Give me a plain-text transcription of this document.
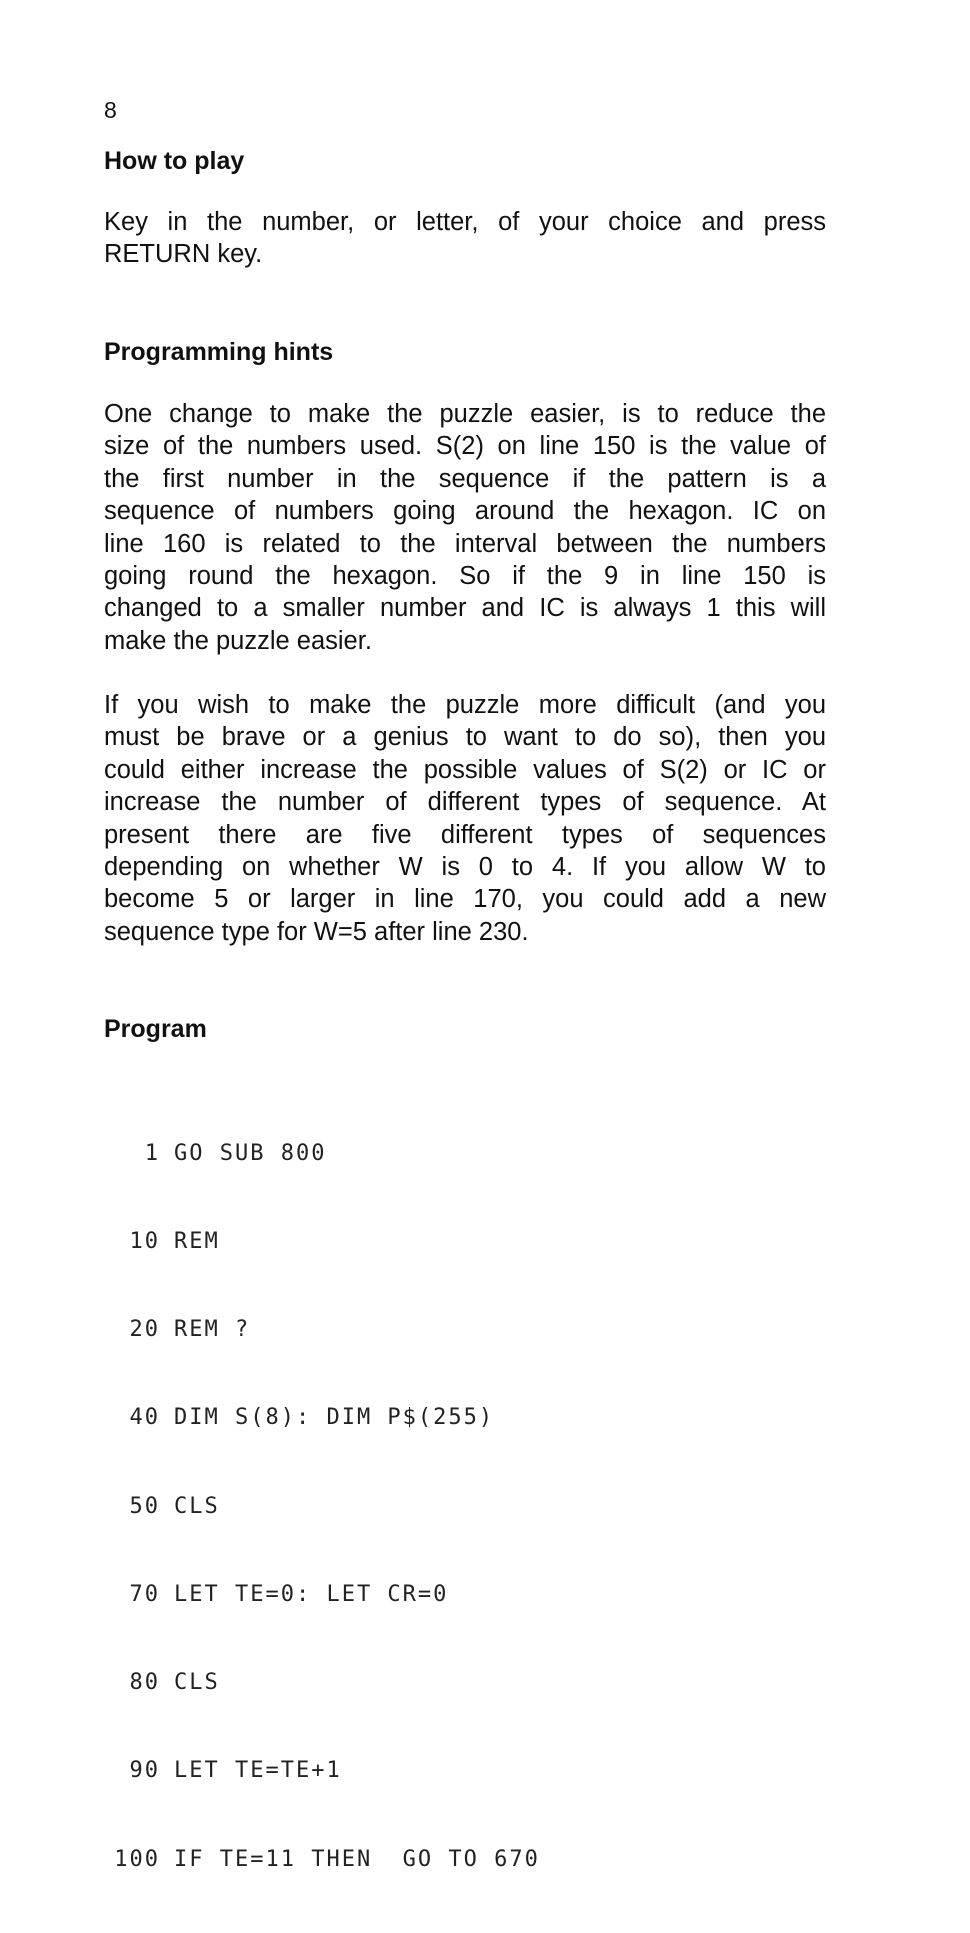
8
How to play

Key in the number, or letter, of your choice and press
RETURN key.

Programming hints

One change to make the puzzle easier, is to reduce the
size of the numbers used. S(2) on line 150 is the value of
the first number in the sequence if the pattern is a
sequence of numbers going around the hexagon. IC on
line 160 is related to the interval between the numbers
going round the hexagon. So if the 9 in line 150 is
changed to a smaller number and IC is always 1 this will
make the puzzle easier.

If you wish to make the puzzle more difficult (and you
must be brave or a genius to want to do so), then you
could either increase the possible values of S(2) or IC or
increase the number of different types of sequence. At
present there are five different types of sequences
depending on whether W is 0 to 4. If you allow W to
become 5 or larger in line 170, you could add a new
sequence type for W=5 after line 230.

Program

1 GO SUB 800

10 REM

20 REM ?

40 DIM S(8): DIM P$(255)

50 CLS

70 LET TE=0: LET CR=0

80 CLS

90 LET TE=TE+1

100 IF TE=11 THEN  GO TO 670
